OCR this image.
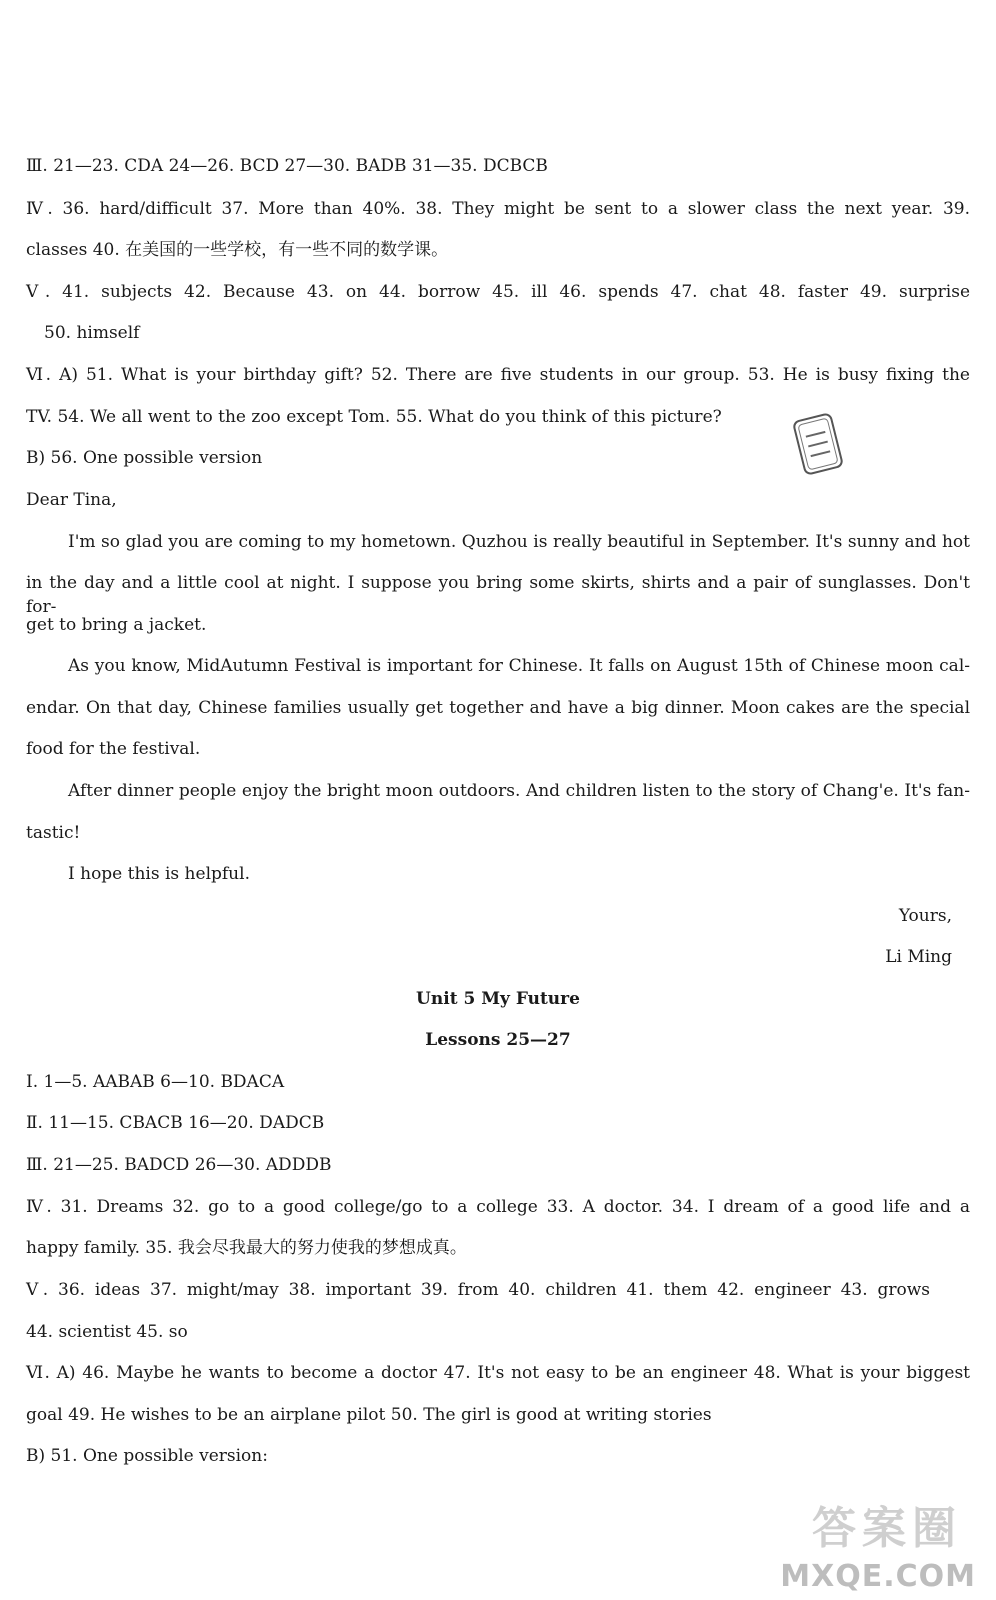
Ⅲ. 21—23. CDA 24—26. BCD 27—30. BADB 31—35. DCBCB
Ⅳ. 36. hard/difficult 37. More than 40%. 38. They might be sent to a slower class the next year. 39.
classes 40. 在美国的一些学校，有一些不同的数学课。
Ⅴ. 41. subjects 42. Because 43. on 44. borrow 45. ill 46. spends 47. chat 48. faster 49. surprise
50. himself
Ⅵ. A) 51. What is your birthday gift? 52. There are five students in our group. 53. He is busy fixing the
TV. 54. We all went to the zoo except Tom. 55. What do you think of this picture?
B) 56. One possible version
Dear Tina,
I'm so glad you are coming to my hometown. Quzhou is really beautiful in September. It's sunny and hot
in the day and a little cool at night. I suppose you bring some skirts, shirts and a pair of sunglasses. Don't for-
get to bring a jacket.
As you know, MidAutumn Festival is important for Chinese. It falls on August 15th of Chinese moon cal-
endar. On that day, Chinese families usually get together and have a big dinner. Moon cakes are the special
food for the festival.
After dinner people enjoy the bright moon outdoors. And children listen to the story of Chang'e. It's fan-
tastic!
I hope this is helpful.
Yours,
Li Ming
Unit 5 My Future
Lessons 25—27
Ⅰ. 1—5. AABAB 6—10. BDACA
Ⅱ. 11—15. CBACB 16—20. DADCB
Ⅲ. 21—25. BADCD 26—30. ADDDB
Ⅳ. 31. Dreams 32. go to a good college/go to a college 33. A doctor. 34. I dream of a good life and a
happy family. 35. 我会尽我最大的努力使我的梦想成真。
Ⅴ. 36. ideas 37. might/may 38. important 39. from 40. children 41. them 42. engineer 43. grows
44. scientist 45. so
Ⅵ. A) 46. Maybe he wants to become a doctor 47. It's not easy to be an engineer 48. What is your biggest
goal 49. He wishes to be an airplane pilot 50. The girl is good at writing stories
B) 51. One possible version:
答案圈
MXQE.COM
